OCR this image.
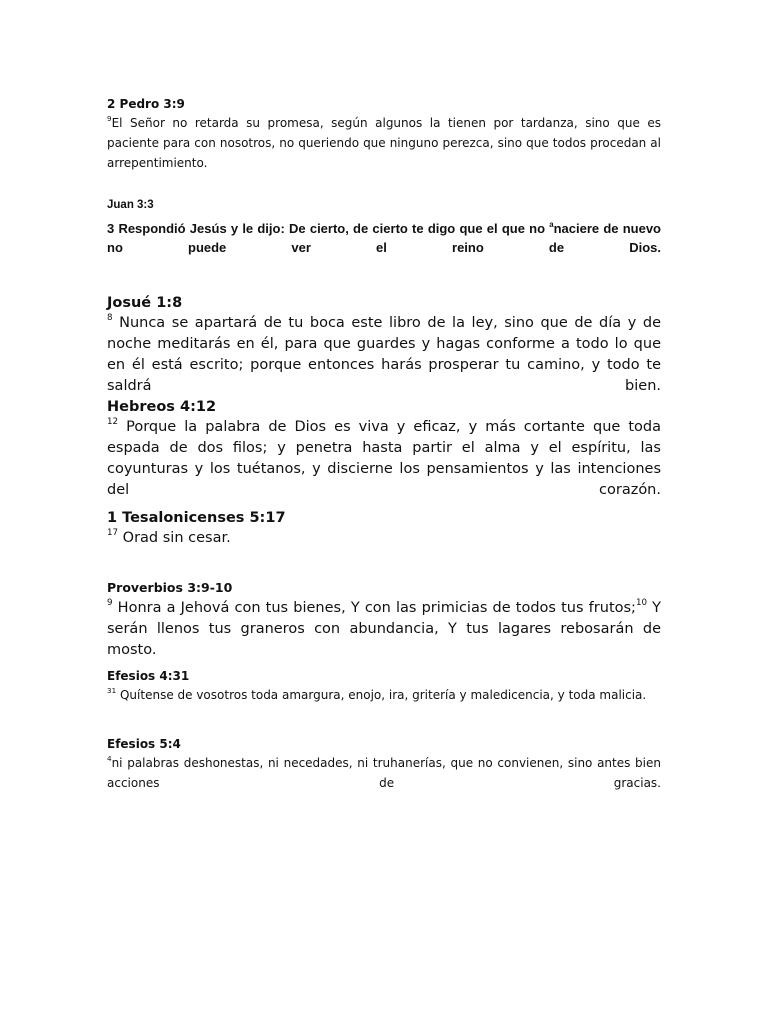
2 Pedro 3:9

$^9$El Señor no retarda su promesa, según algunos la tienen por tardanza, sino que es paciente para con nosotros, no queriendo que ninguno perezca, sino que todos procedan al arrepentimiento.

Juan 3:3

3 Respondió Jesús y le dijo: De cierto, de cierto te digo que el que no $^a$naciere de nuevo no puede ver el reino de Dios.

Josué 1:8

$^8$ Nunca se apartará de tu boca este libro de la ley, sino que de día y de noche meditarás en él, para que guardes y hagas conforme a todo lo que en él está escrito; porque entonces harás prosperar tu camino, y todo te saldrá bien.

Hebreos 4:12

$^{12}$ Porque la palabra de Dios es viva y eficaz, y más cortante que toda espada de dos filos; y penetra hasta partir el alma y el espíritu, las coyunturas y los tuétanos, y discierne los pensamientos y las intenciones del corazón.

1 Tesalonicenses 5:17

$^{17}$ Orad sin cesar.

Proverbios 3:9-10

$^9$ Honra a Jehová con tus bienes, Y con las primicias de todos tus frutos;$^{10}$ Y serán llenos tus graneros con abundancia, Y tus lagares rebosarán de mosto.

Efesios 4:31

$^{31}$ Quítense de vosotros toda amargura, enojo, ira, gritería y maledicencia, y toda malicia.

Efesios 5:4

$^4$ni palabras deshonestas, ni necedades, ni truhanerías, que no convienen, sino antes bien acciones de gracias.
